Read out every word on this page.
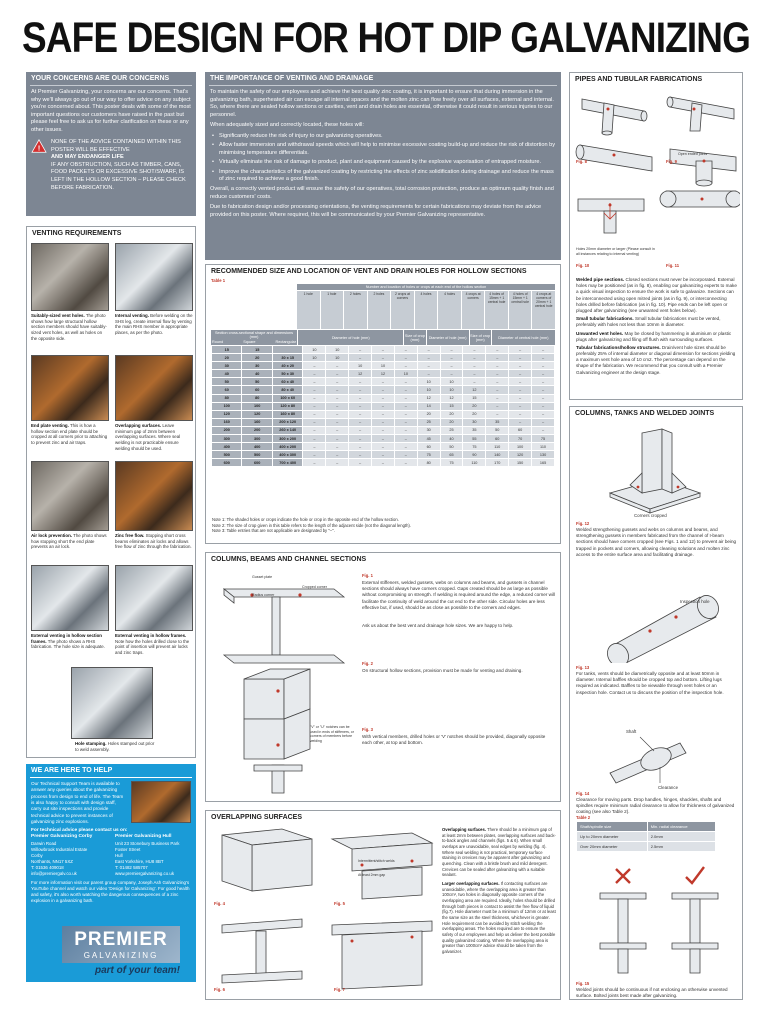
SAFE DESIGN FOR HOT DIP GALVANIZING
YOUR CONCERNS ARE OUR CONCERNS
At Premier Galvanizing, your concerns are our concerns. That's why we'll always go out of our way to offer advice on any subject you're concerned about. This poster deals with some of the most important questions our customers have raised in the past but please feel free to ask us for further clarification on these or any other issues.
!
NONE OF THE ADVICE CONTAINED WITHIN THIS POSTER WILL BE EFFECTIVE
AND MAY ENDANGER LIFE
IF ANY OBSTRUCTION, SUCH AS TIMBER, CANS, FOOD PACKETS OR EXCESSIVE SHOT/SWARF, IS LEFT IN THE HOLLOW SECTION – PLEASE CHECK BEFORE FABRICATION.
THE IMPORTANCE OF VENTING AND DRAINAGE
To maintain the safety of our employees and achieve the best quality zinc coating, it is important to ensure that during immersion in the galvanizing bath, superheated air can escape all internal spaces and the molten zinc can flow freely over all surfaces, external and internal. So, where there are sealed hollow sections or cavities, vent and drain holes are essential, otherwise it could result in serious injuries to our personnel.
When adequately sized and correctly located, these holes will:
• Significantly reduce the risk of injury to our galvanizing operatives.
• Allow faster immersion and withdrawal speeds which will help to minimise excessive coating build-up and reduce the risk of distortion by minimising temperature differentials.
• Virtually eliminate the risk of damage to product, plant and equipment caused by the explosive vaporisation of entrapped moisture.
• Improve the characteristics of the galvanized coating by restricting the effects of zinc solidification during drainage and reduce the mass of zinc required to achieve a good finish.
Overall, a correctly vented product will ensure the safety of our operatives, total corrosion protection, produce an optimum quality finish and reduce customers' costs.
Due to fabrication design and/or processing orientations, the venting requirements for certain fabrications may deviate from the advice provided on this poster. Where required, this will be communicated by your Premier Galvanizing representative.
PIPES AND TUBULAR FABRICATIONS
Open ended joints
Fig. 8	Fig. 9
Holes 20mm diameter or larger (Please consult in all instances relating to internal venting)
Fig. 10	Fig. 11

Welded pipe sections. Closed sections must never be incorporated. External holes may be positioned (as in fig. 8), enabling our galvanizing experts to make a quick visual inspection to ensure the work is safe to galvanize. Sections can be interconnected using open mitred joints (as in fig. 9), or interconnecting holes drilled before fabrication (as in fig. 10). Pipe ends can be left open or plugged after galvanizing (see unwanted vent holes below).

Small tubular fabrications. Small tubular fabrications must be vented, preferably with holes not less than 10mm in diameter.

Unwanted vent holes. May be closed by hammering in aluminium or plastic plugs after galvanizing and filing off flush with surrounding surfaces.

Tubular fabrications/hollow structures. Drain/vent hole sizes should be preferably 25% of internal diameter or diagonal dimension for sections yielding a maximum vent hole area of 10 cm2. The percentage can depend on the shape of the fabrication. We recommend that you consult with a Premier Galvanizing engineer at the design stage.

VENTING REQUIREMENTS
Suitably-sized vent holes. The photo shows how large structural hollow section members should have suitably-sized vent holes, as well as holes on the opposite side.
Internal venting. Before welding on the SHS leg, create internal flow by venting the main RHS member in appropriate places, as per the photo.
End plate venting. This is how a hollow section end plate should be cropped at all corners prior to attaching to prevent zinc and air traps.
Overlapping surfaces. Leave minimum gap of 2mm between overlapping surfaces. Where seal welding is not practicable ensure welding should be used.
Air lock prevention. The photo shows how stopping short the end plate prevents an air lock.
Zinc free flow. Stopping short cross beams eliminates air locks and allows free flow of zinc through the fabrication.
External venting in hollow section frames. The photo shows a RHS fabrication. The hole size is adequate.
External venting in hollow frames. Note how the holes drilled close to the point of insertion will prevent air locks and zinc traps.
Hole stamping. Holes stamped out prior to weld assembly.
RECOMMENDED SIZE AND LOCATION OF VENT AND DRAIN HOLES FOR HOLLOW SECTIONS
Table 1
Number and location of holes or crops at each end of the hollow section
1 hole	1 hole	2 holes	2 holes	2 crops at corners
4 holes	4 holes	4 crops at corners
4 holes of 15mm + 1 central hole
4 holes of 15mm + 1 central hole
4 crops at corners of 20mm + 1 central hole
Section cross-sectional shape and dimensions (mm)
Round	Square	Rectangular
Diameter of hole (mm)	Size of crop (mm)	Diameter of hole (mm) Size of crop (mm)	Diameter of central hole (mm)
15	15		10	10	–	–	–	–	–	–	–	–	–
20	20	30 x 15	10	10	–	–	–	–	–	–	–	–	–
30	30	40 x 20	–	–	10	10	–	–	–	–	–	–	–
40	40	50 x 30	–	–	12	12	10	–	–	–	–	–	–
50	50	60 x 40	–	–	–	–	–	10	10	–	–	–	–
60	60	80 x 40	–	–	–	–	–	10	10	12	–	–	–
80	80	100 x 60	–	–	–	–	–	12	12	15	–	–	–
100	100	120 x 80	–	–	–	–	–	14	15	20	–	–	–
120	120	160 x 80	–	–	–	–	–	20	20	20	–	–	–
160	160	200 x 120	–	–	–	–	–	25	20	30	35	–	–
200	200	260 x 140	–	–	–	–	–	30	25	35	50	60	–
300	300	300 x 200	–	–	–	–	–	45	40	55	60	70	75
400	400	400 x 200	–	–	–	–	–	60	50	75	110	100	110
500	500	400 x 300	–	–	–	–	–	75	65	90	140	120	130
600	600	700 x 400	–	–	–	–	–	80	75	110	170	150	165
Note 1: The shaded holes or crops indicate the hole or crop in the opposite end of the hollow section.
Note 2: The size of crop given in this table refers to the length of the adjacent side (not the diagonal length).
Note 3: Table entries that are not applicable are designated by "–".
COLUMNS, BEAMS AND CHANNEL SECTIONS
Gusset plate
Cropped corner
Radius corner
"V" or "U" notches can be used in ends of stiffeners, or corners of members before welding
Fig. 1
External stiffeners, welded gussets, webs on columns and beams, and gussets in channel sections should always have corners cropped. Gaps created should be as large as possible without compromising on strength. If welding is required around the edge, a reduced corner will facilitate the continuity of weld around the cut end to the other side. Circular holes are less effective but, if used, should be as close as possible to the corners and edges.
Ask us about the best vent and drainage hole sizes. We are happy to help.
Fig. 2
On structural hollow sections, provision must be made for venting and draining.
Fig. 3
With vertical members, drilled holes or 'V' notches should be provided, diagonally opposite each other, at top and bottom.
OVERLAPPING SURFACES
Intermittent/stitch welds
At least 2mm gap
Fig. 4	Fig. 5
Fig. 6	Fig. 7

Overlapping surfaces. There should be a minimum gap of at least 2mm between plates, overlapping surfaces and back-to-back angles and channels (figs. 5 & 6). When small overlaps are unavoidable, seal edges by welding (fig. 4). Where seal welding is not practical, temporary surface staining in crevices may be apparent after galvanizing and quenching. Clean with a bristle brush and mild detergent. Crevices can be sealed after galvanizing with a suitable sealant.

Larger overlapping surfaces. If contacting surfaces are unavoidable, where the overlapping area is greater than 100cm², two holes in diagonally opposite corners of the overlapping area are required. Ideally, holes should be drilled through both pieces in contact to assist the free flow of liquid (fig.7). Hole diameter must be a minimum of 12mm or at least the same size as the steel thickness, whichever is greater. Hole requirement can be avoided by stitch welding the overlapping areas. The holes required are to ensure the safety of our employees and help us deliver the best possible quality galvanized coating. Where the overlapping area is greater than 1000cm² advice should be taken from the galvanizer.

COLUMNS, TANKS AND WELDED JOINTS
Corners cropped
Fig. 12
Welded strengthening gussets and webs on columns and beams, and strengthening gussets in members fabricated from the channel of I-beam sections should have corners cropped (see Figs. 1 and 12) to prevent air being trapped in pockets and corners, allowing cleaning solutions and molten zinc access to the entire surface area and facilitating drainage.
Inspection hole
Fig. 13
For tanks, vents should be diametrically opposite and at least 50mm in diameter. Internal baffles should be cropped top and bottom. Lifting lugs required as indicated. Baffles to be viewable through vent holes or an inspection hole. Contact us to discuss the position of the inspection hole.
Shaft
Clearance
Fig. 14
Clearance for moving parts. Drop handles, hinges, shackles, shafts and spindles require minimum radial clearance to allow for thickness of galvanized coating (see also Table 2).
Table 2
Shaft/spindle size	Min. radial clearance
Up to 20mm diameter	2.0mm
Over 20mm diameter	2.5mm
Fig. 15
Welded joints should be continuous if not enclosing an otherwise unvented surface. Bolted joints best made after galvanizing.
WE ARE HERE TO HELP
Our Technical Support Team is available to answer any queries about the galvanizing process from design to end of life. The Team is also happy to consult with design staff, carry out site inspections and provide technical advice to prevent instances of galvanizing zinc explosions.
For technical advice please contact us on:
Premier Galvanizing Corby
Darwin Road
Willowbrook Industrial Estate
Corby
Northants, NN17 5XZ
T: 01536 409018
info@premiergalv.co.uk
Premier Galvanizing Hull
Unit 23 Stonebury Business Park
Foster Street
Hull
East Yorkshire, HU8 8BT
T: 01482 585707
www.premiergalvanizing.co.uk
For more information visit our parent group company, Joseph Ash Galvanizing's YouTube channel and watch our video 'Design for Galvanizing'. For good health and safety, it's also worth watching the dangerous consequences of a zinc explosion in a galvanizing bath.
PREMIER
GALVANIZING
part of your team!
